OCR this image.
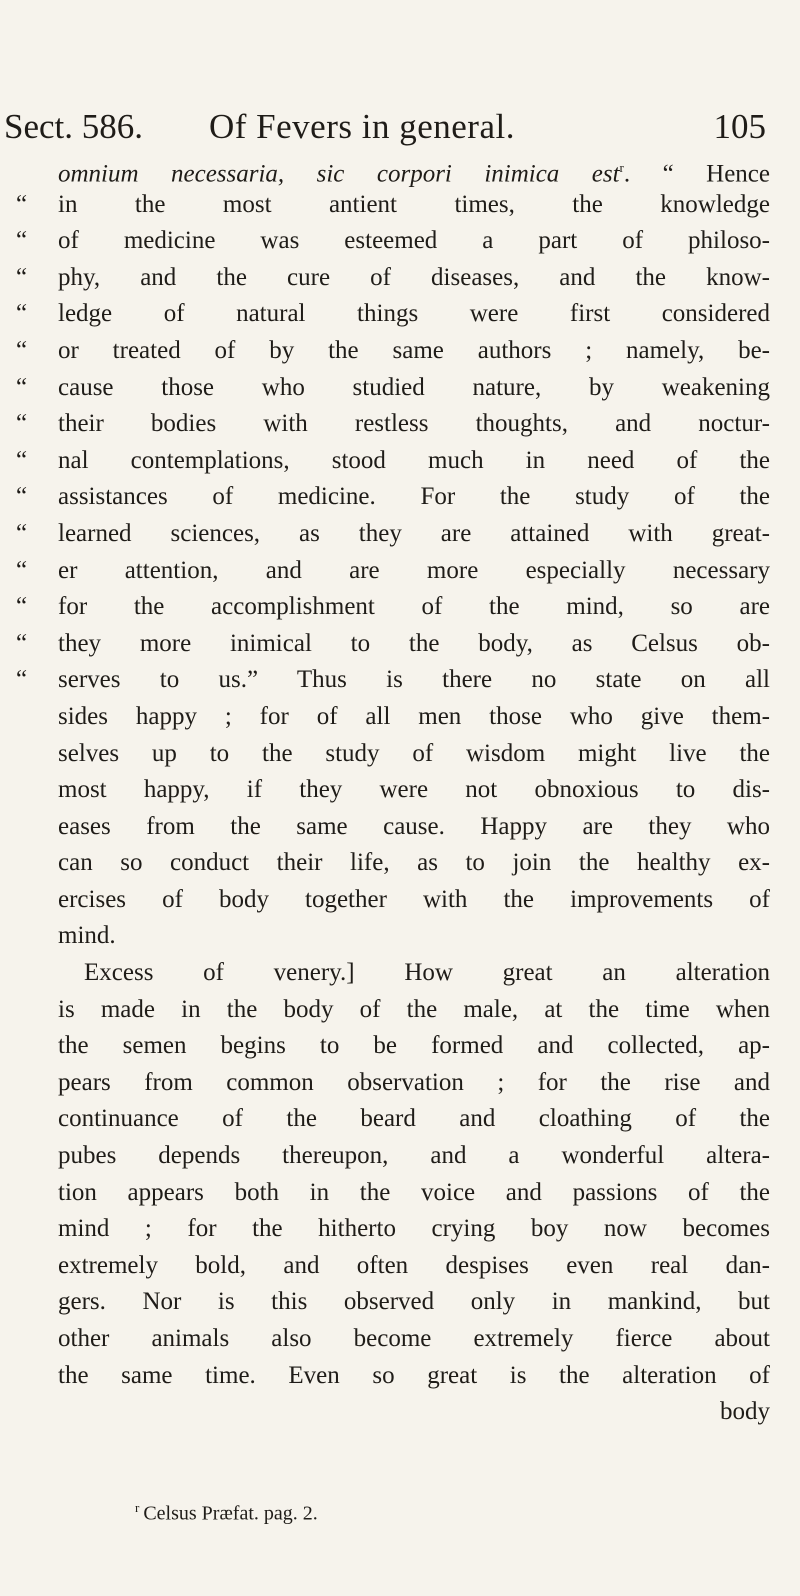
Sect. 586. Of Fevers in general.	105
omnium necessaria, sic corpori inimica est$^r$. “ Hence
“	in the most antient times, the knowledge
“	of medicine was esteemed a part of philoso-
“	phy, and the cure of diseases, and the know-
“	ledge of natural things were first considered
“	or treated of by the same authors ; namely, be-
“	cause those who studied nature, by weakening
“	their bodies with restless thoughts, and noctur-
“	nal contemplations, stood much in need of the
“	assistances of medicine. For the study of the
“	learned sciences, as they are attained with great-
“	er attention, and are more especially necessary
“	for the accomplishment of the mind, so are
“	they more inimical to the body, as Celsus ob-
“	serves to us.” Thus is there no state on all
sides happy ; for of all men those who give them-
selves up to the study of wisdom might live the
most happy, if they were not obnoxious to dis-
eases from the same cause. Happy are they who
can so conduct their life, as to join the healthy ex-
ercises of body together with the improvements of
mind.
Excess of venery.] How great an alteration
is made in the body of the male, at the time when
the semen begins to be formed and collected, ap-
pears from common observation ; for the rise and
continuance of the beard and cloathing of the
pubes depends thereupon, and a wonderful altera-
tion appears both in the voice and passions of the
mind ; for the hitherto crying boy now becomes
extremely bold, and often despises even real dan-
gers. Nor is this observed only in mankind, but
other animals also become extremely fierce about
the same time. Even so great is the alteration of
body
$^r$ Celsus Præfat. pag. 2.
